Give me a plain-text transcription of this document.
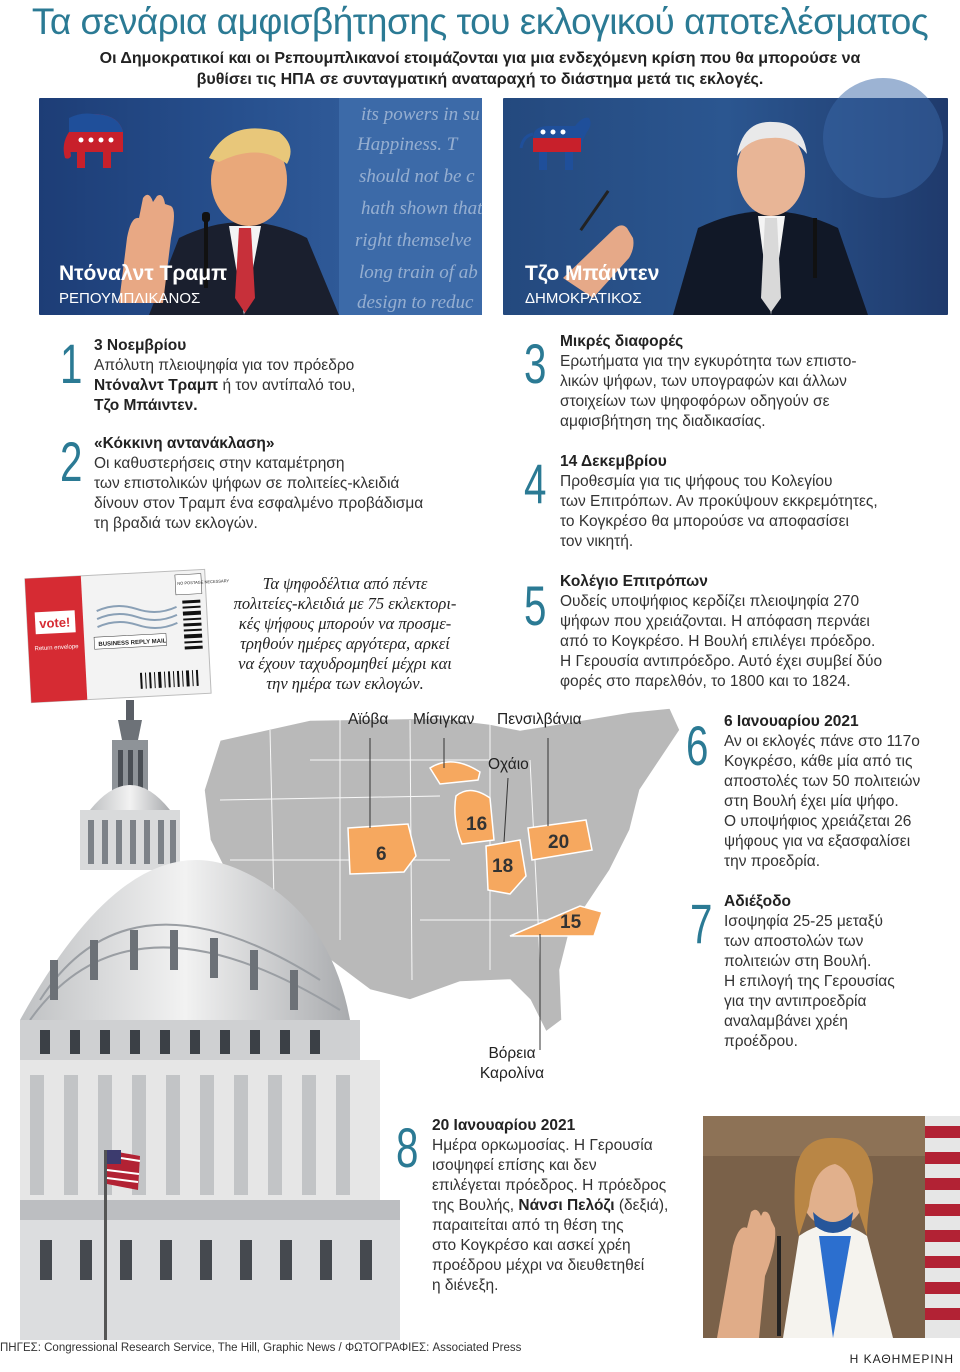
Τα σενάρια αμφισβήτησης του εκλογικού αποτελέσματος
Οι Δημοκρατικοί και οι Ρεπουμπλικανοί ετοιμάζονται για μια ενδεχόμενη κρίση που θα μπορούσε να βυθίσει τις ΗΠΑ σε συνταγματική αναταραχή το διάστημα μετά τις εκλογές.
its powers in su
Happiness. T
should not be c
hath shown that
right themselve
long train of ab
design to reduc
Ντόναλντ Τραμπ
ΡΕΠΟΥΜΠΛΙΚΑΝΟΣ
Τζο Μπάιντεν
ΔΗΜΟΚΡΑΤΙΚΟΣ
1 3 Νοεμβρίου
Απόλυτη πλειοψηφία για τον πρόεδρο
Ντόναλντ Τραμπ ή τον αντίπαλό του,
Τζο Μπάιντεν.
2 «Κόκκινη αντανάκλαση»
Οι καθυστερήσεις στην καταμέτρηση
των επιστολικών ψήφων σε πολιτείες-κλειδιά
δίνουν στον Τραμπ ένα εσφαλμένο προβάδισμα
τη βραδιά των εκλογών.
3 Μικρές διαφορές
Ερωτήματα για την εγκυρότητα των επιστο-
λικών ψήφων, των υπογραφών και άλλων
στοιχείων των ψηφοφόρων οδηγούν σε
αμφισβήτηση της διαδικασίας.
4 14 Δεκεμβρίου
Προθεσμία για τις ψήφους του Κολεγίου
των Επιτρόπων. Αν προκύψουν εκκρεμότητες,
το Κογκρέσο θα μπορούσε να αποφασίσει
τον νικητή.
5 Κολέγιο Επιτρόπων
Ουδείς υποψήφιος κερδίζει πλειοψηφία 270
ψήφων που χρειάζονται. Η απόφαση περνάει
από το Κογκρέσο. Η Βουλή επιλέγει πρόεδρο.
Η Γερουσία αντιπρόεδρο. Αυτό έχει συμβεί δύο
φορές στο παρελθόν, το 1800 και το 1824.
6 6 Ιανουαρίου 2021
Αν οι εκλογές πάνε στο 117ο
Κογκρέσο, κάθε μία από τις
αποστολές των 50 πολιτειών
στη Βουλή έχει μία ψήφο.
Ο υποψήφιος χρειάζεται 26
ψήφους για να εξασφαλίσει
την προεδρία.
7 Αδιέξοδο
Ισοψηφία 25-25 μεταξύ
των αποστολών των
πολιτειών στη Βουλή.
Η επιλογή της Γερουσίας
για την αντιπροεδρία
αναλαμβάνει χρέη
προέδρου.
vote!
Return envelope
BUSINESS REPLY MAIL
NO POSTAGE NECESSARY	Τα ψηφοδέλτια από πέντε
πολιτείες-κλειδιά με 75 εκλεκτορι-
κές ψήφους μπορούν να προσμε-
τρηθούν ημέρες αργότερα, αρκεί
να έχουν ταχυδρομηθεί μέχρι και
την ημέρα των εκλογών.
6
16
18
20
15
Αϊόβα Μίσιγκαν
Οχάιο
Πενσιλβάνια
Βόρεια
Καρολίνα
8 20 Ιανουαρίου 2021
Ημέρα ορκωμοσίας. Η Γερουσία
ισοψηφεί επίσης και δεν
επιλέγεται πρόεδρος. Η πρόεδρος
της Βουλής, Νάνσι Πελόζι (δεξιά),
παραιτείται από τη θέση της
στο Κογκρέσο και ασκεί χρέη
προέδρου μέχρι να διευθετηθεί
η διένεξη.
ΠΗΓΕΣ: Congressional Research Service, The Hill, Graphic News / ΦΩΤΟΓΡΑΦΙΕΣ: Associated Press
Η ΚΑΘΗΜΕΡΙΝΗ
